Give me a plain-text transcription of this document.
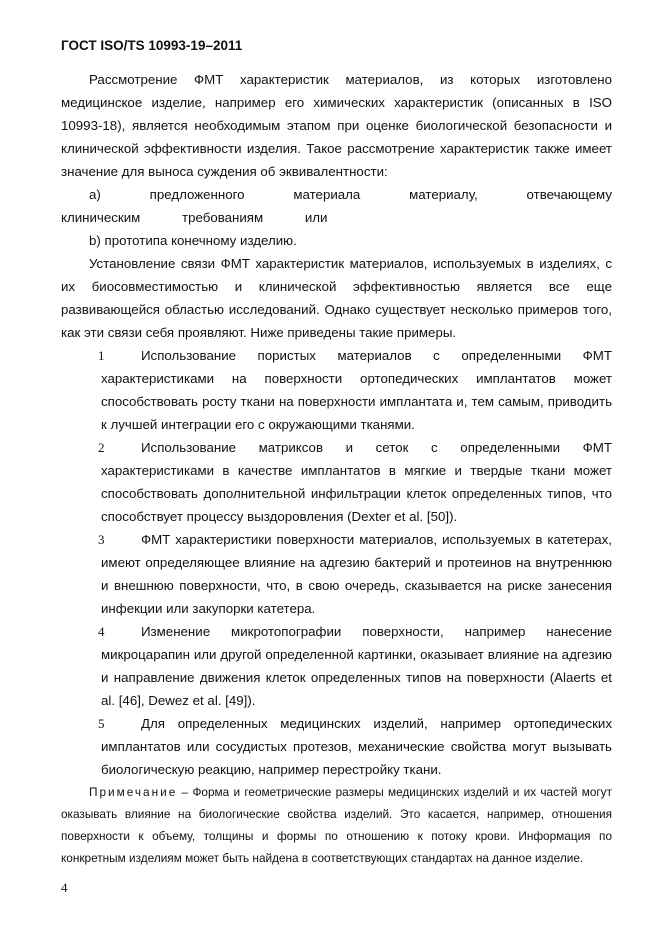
ГОСТ ISO/TS 10993-19–2011

Рассмотрение ФМТ характеристик материалов, из которых изготовлено медицинское изделие, например его химических характеристик (описанных в ISO 10993-18), является необходимым этапом при оценке биологической безопасности и клинической эффективности изделия. Такое рассмотрение характеристик также имеет значение для выноса суждения об эквивалентности:

a) предложенного материала материалу, отвечающему клиническим требованиям или

b) прототипа конечному изделию.

Установление связи ФМТ характеристик материалов, используемых в изделиях, с их биосовместимостью и клинической эффективностью является все еще развивающейся областью исследований. Однако существует несколько примеров того, как эти связи себя проявляют. Ниже приведены такие примеры.

1	Использование пористых материалов с определенными ФМТ характеристиками на поверхности ортопедических имплантатов может способствовать росту ткани на поверхности имплантата и, тем самым, приводить к лучшей интеграции его с окружающими тканями.

2	Использование матриксов и сеток с определенными ФМТ характеристиками в качестве имплантатов в мягкие и твердые ткани может способствовать дополнительной инфильтрации клеток определенных типов, что способствует процессу выздоровления (Dexter et al. [50]).

3	ФМТ характеристики поверхности материалов, используемых в катетерах, имеют определяющее влияние на адгезию бактерий и протеинов на внутреннюю и внешнюю поверхности, что, в свою очередь, сказывается на риске занесения инфекции или закупорки катетера.

4	Изменение микротопографии поверхности, например нанесение микроцарапин или другой определенной картинки, оказывает влияние на адгезию и направление движения клеток определенных типов на поверхности (Alaerts et al. [46], Dewez et al. [49]).

5	Для определенных медицинских изделий, например ортопедических имплантатов или сосудистых протезов, механические свойства могут вызывать биологическую реакцию, например перестройку ткани.

Примечание – Форма и геометрические размеры медицинских изделий и их частей могут оказывать влияние на биологические свойства изделий. Это касается, например, отношения поверхности к объему, толщины и формы по отношению к потоку крови. Информация по конкретным изделиям может быть найдена в соответствующих стандартах на данное изделие.

4
